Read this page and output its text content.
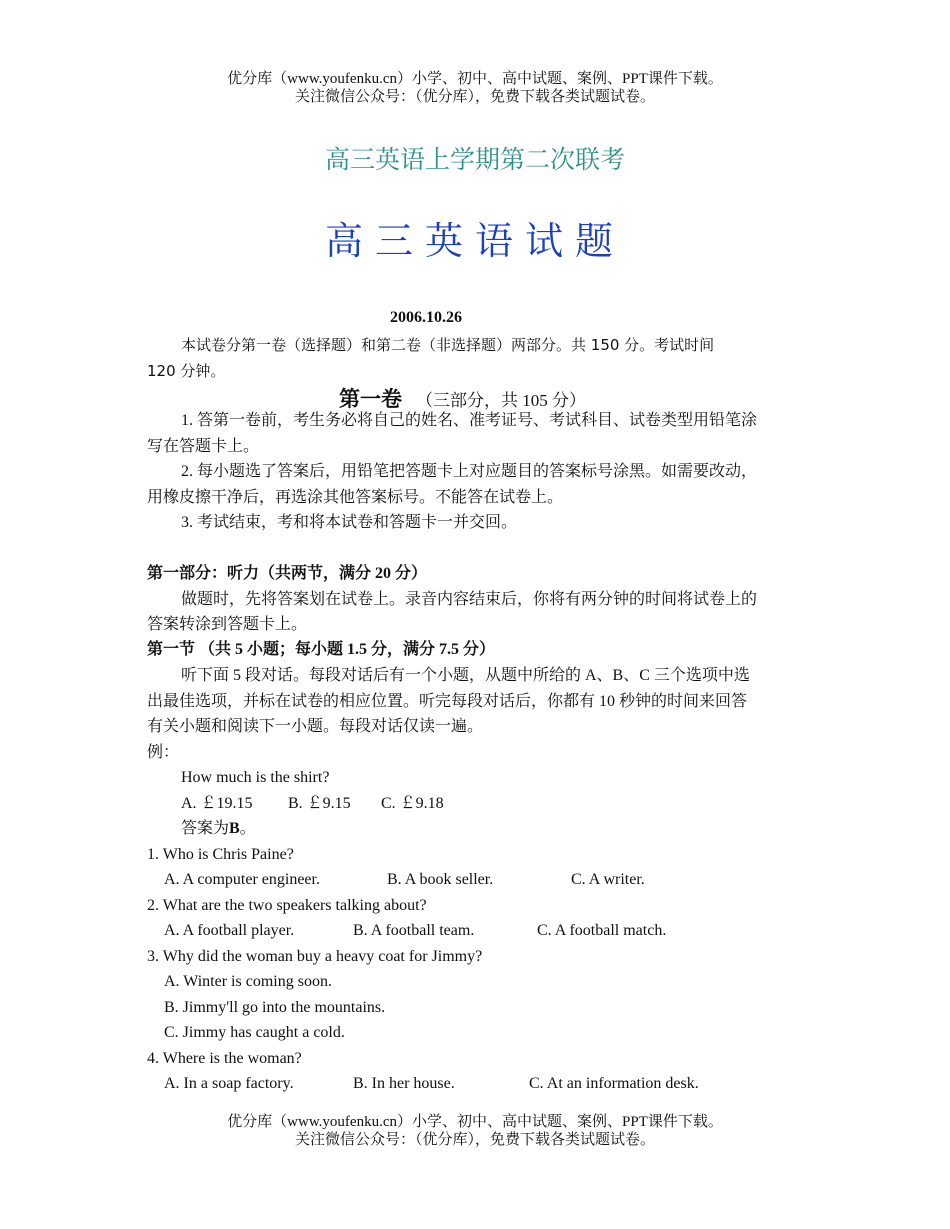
优分库（www.youfenku.cn）小学、初中、高中试题、案例、PPT课件下载。
关注微信公众号：（优分库），免费下载各类试题试卷。
高三英语上学期第二次联考
高三英语试题
2006.10.26
本试卷分第一卷（选择题）和第二卷（非选择题）两部分。共 150 分。考试时间
120 分钟。
第一卷 （三部分，共 105 分）
1. 答第一卷前，考生务必将自己的姓名、准考证号、考试科目、试卷类型用铅笔涂
写在答题卡上。
2. 每小题选了答案后，用铅笔把答题卡上对应题目的答案标号涂黑。如需要改动，
用橡皮擦干净后，再选涂其他答案标号。不能答在试卷上。
3. 考试结束，考和将本试卷和答题卡一并交回。
第一部分：听力（共两节，满分 20 分）
做题时，先将答案划在试卷上。录音内容结束后，你将有两分钟的时间将试卷上的
答案转涂到答题卡上。
第一节 （共 5 小题；每小题 1.5 分，满分 7.5 分）
听下面 5 段对话。每段对话后有一个小题，从题中所给的 A、B、C 三个选项中选
出最佳选项，并标在试卷的相应位置。听完每段对话后，你都有 10 秒钟的时间来回答
有关小题和阅读下一小题。每段对话仅读一遍。
例：
How much is the shirt?
A. ￡19.15 B. ￡9.15 C. ￡9.18
答案为B。
1. Who is Chris Paine?
A. A computer engineer.	B. A book seller.	C. A writer.
2. What are the two speakers talking about?
A. A football player.	B. A football team.	C. A football match.
3. Why did the woman buy a heavy coat for Jimmy?
A. Winter is coming soon.
B. Jimmy'll go into the mountains.
C. Jimmy has caught a cold.
4. Where is the woman?
A. In a soap factory.	B. In her house.	C. At an information desk.
优分库（www.youfenku.cn）小学、初中、高中试题、案例、PPT课件下载。
关注微信公众号：（优分库），免费下载各类试题试卷。
